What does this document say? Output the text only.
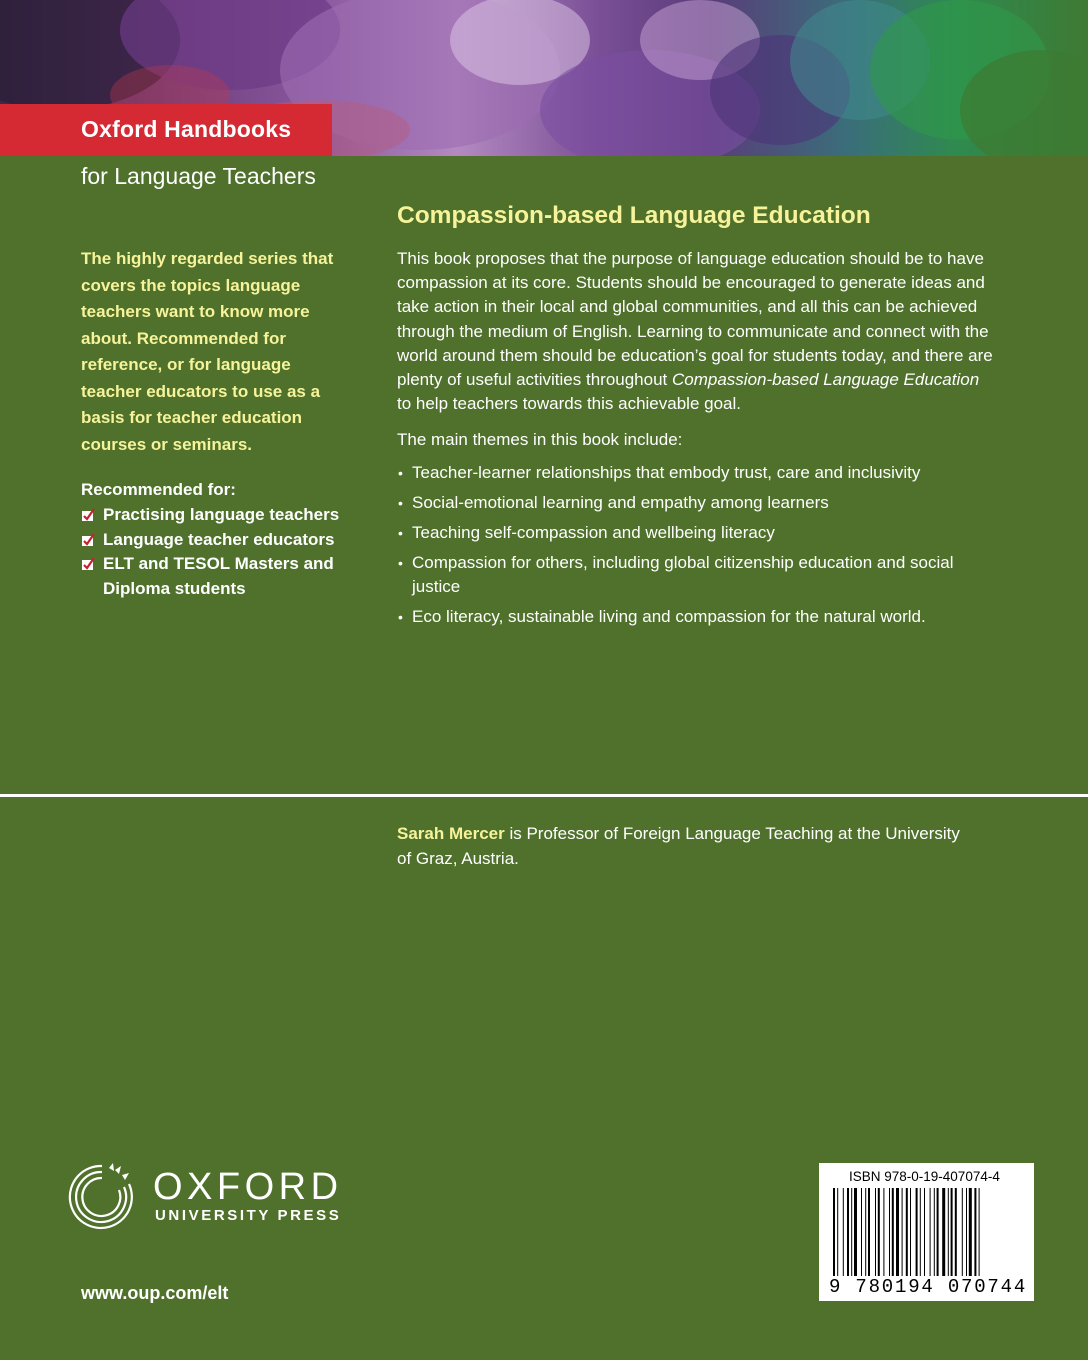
Oxford Handbooks
for Language Teachers
The highly regarded series that covers the topics language teachers want to know more about. Recommended for reference, or for language teacher educators to use as a basis for teacher education courses or seminars.
Recommended for:
Practising language teachers
Language teacher educators
ELT and TESOL Masters and Diploma students
Compassion-based Language Education
This book proposes that the purpose of language education should be to have compassion at its core. Students should be encouraged to generate ideas and take action in their local and global communities, and all this can be achieved through the medium of English. Learning to communicate and connect with the world around them should be education’s goal for students today, and there are plenty of useful activities throughout Compassion-based Language Education to help teachers towards this achievable goal.
The main themes in this book include:
• Teacher-learner relationships that embody trust, care and inclusivity
• Social-emotional learning and empathy among learners
• Teaching self-compassion and wellbeing literacy
• Compassion for others, including global citizenship education and social justice
• Eco literacy, sustainable living and compassion for the natural world.
Sarah Mercer is Professor of Foreign Language Teaching at the University of Graz, Austria.
OXFORD
UNIVERSITY PRESS
www.oup.com/elt
ISBN 978-0-19-407074-4
9 780194 070744
